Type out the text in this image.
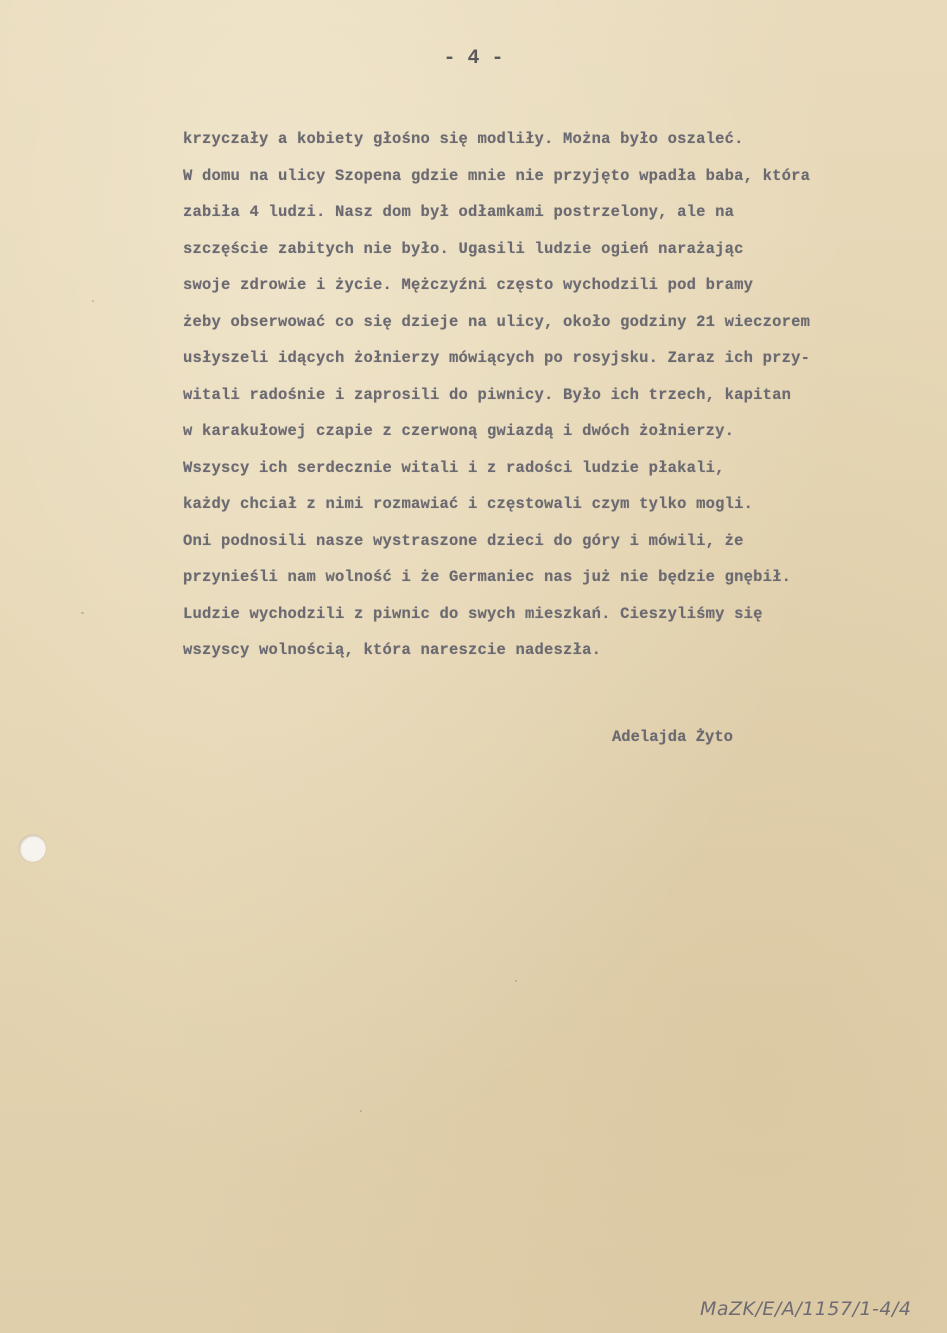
- 4 -
krzyczały a kobiety głośno się modliły. Można było oszaleć.
W domu na ulicy Szopena gdzie mnie nie przyjęto wpadła baba, która
zabiła 4 ludzi. Nasz dom był odłamkami postrzelony, ale na
szczęście zabitych nie było. Ugasili ludzie ogień narażając
swoje zdrowie i życie. Mężczyźni często wychodzili pod bramy
żeby obserwować co się dzieje na ulicy, około godziny 21 wieczorem
usłyszeli idących żołnierzy mówiących po rosyjsku. Zaraz ich przy-
witali radośnie i zaprosili do piwnicy. Było ich trzech, kapitan
w karakułowej czapie z czerwoną gwiazdą i dwóch żołnierzy.
Wszyscy ich serdecznie witali i z radości ludzie płakali,
każdy chciał z nimi rozmawiać i częstowali czym tylko mogli.
Oni podnosili nasze wystraszone dzieci do góry i mówili, że
przynieśli nam wolność i że Germaniec nas już nie będzie gnębił.
Ludzie wychodzili z piwnic do swych mieszkań. Cieszyliśmy się
wszyscy wolnością, która nareszcie nadeszła.
Adelajda Żyto
MaZK/E/A/1157/1-4/4
